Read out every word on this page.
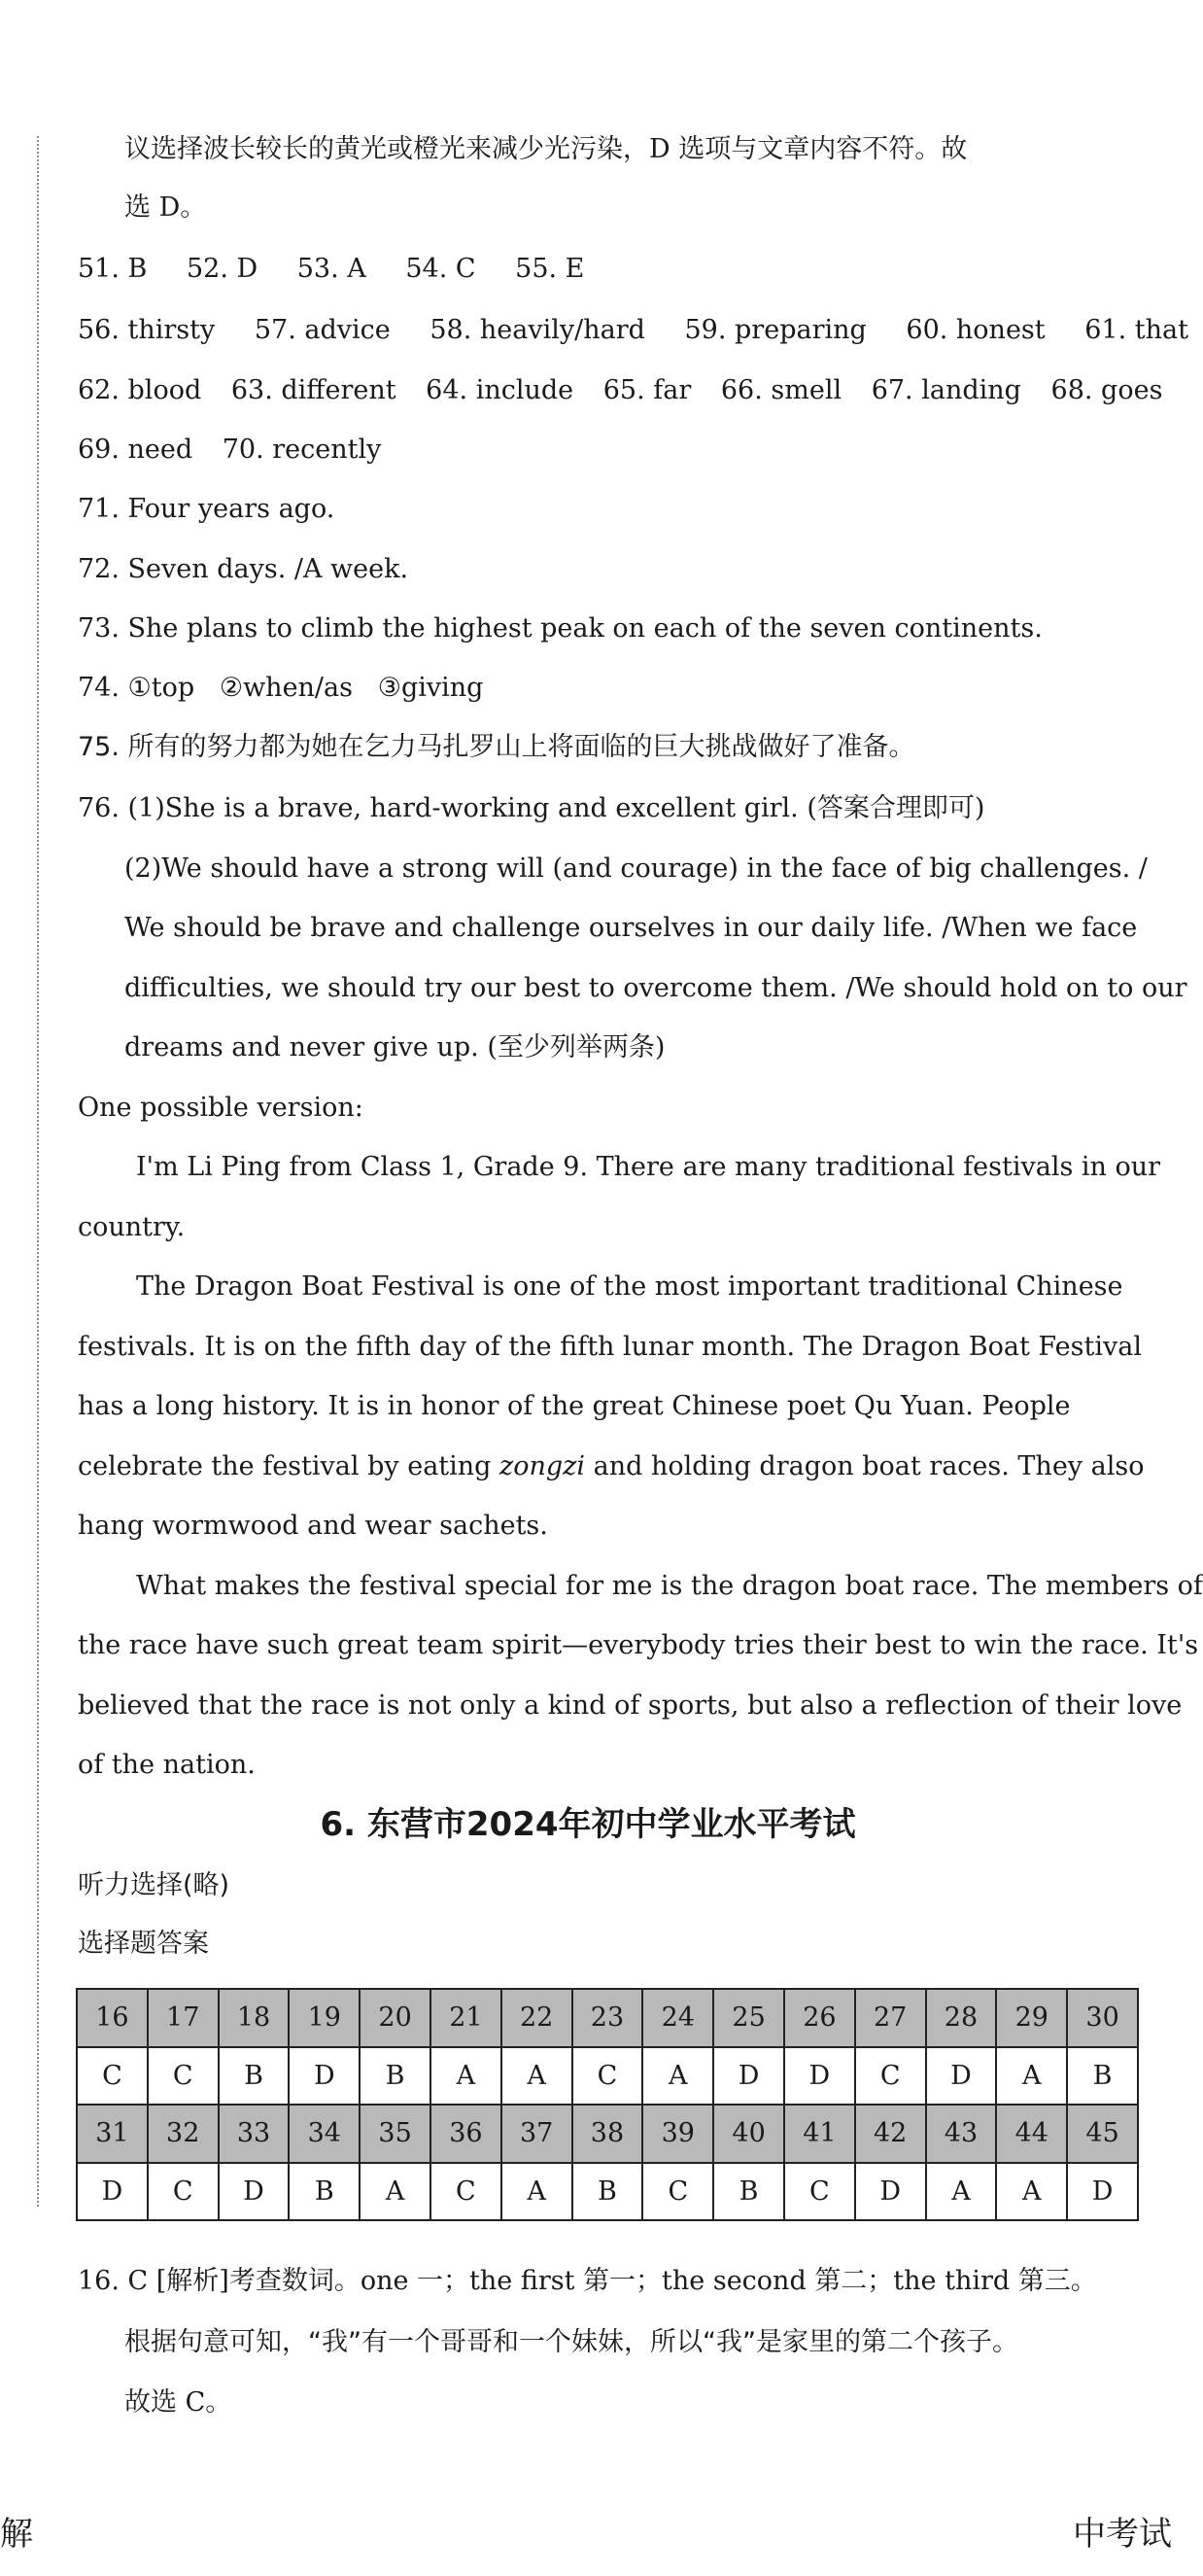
议选择波长较长的黄光或橙光来减少光污染，D 选项与文章内容不符。故
选 D。
51. B 52. D 53. A 54. C 55. E
56. thirsty 57. advice 58. heavily/hard 59. preparing 60. honest 61. that
62. blood 63. different 64. include 65. far 66. smell 67. landing 68. goes
69. need 70. recently
71. Four years ago.
72. Seven days. /A week.
73. She plans to climb the highest peak on each of the seven continents.
74. ①top   ②when/as   ③giving
75. 所有的努力都为她在乞力马扎罗山上将面临的巨大挑战做好了准备。
76. (1)She is a brave, hard-working and excellent girl. (答案合理即可)
(2)We should have a strong will (and courage) in the face of big challenges. /
We should be brave and challenge ourselves in our daily life. /When we face
difficulties, we should try our best to overcome them. /We should hold on to our
dreams and never give up. (至少列举两条)
One possible version:
I'm Li Ping from Class 1, Grade 9. There are many traditional festivals in our
country.
The Dragon Boat Festival is one of the most important traditional Chinese
festivals. It is on the fifth day of the fifth lunar month. The Dragon Boat Festival
has a long history. It is in honor of the great Chinese poet Qu Yuan. People
celebrate the festival by eating zongzi and holding dragon boat races. They also
hang wormwood and wear sachets.
What makes the festival special for me is the dragon boat race. The members of
the race have such great team spirit—everybody tries their best to win the race. It's
believed that the race is not only a kind of sports, but also a reflection of their love
of the nation.
6. 东营市2024年初中学业水平考试
听力选择(略)
选择题答案
16	17	18	19	20	21	22	23	24	25	26	27	28	29	30
C	C	B	D	B	A	A	C	A	D	D	C	D	A	B
31	32	33	34	35	36	37	38	39	40	41	42	43	44	45
D	C	D	B	A	C	A	B	C	B	C	D	A	A	D
16. C [解析]考查数词。one 一；the first 第一；the second 第二；the third 第三。
根据句意可知，“我”有一个哥哥和一个妹妹，所以“我”是家里的第二个孩子。
故选 C。
解	中考试
